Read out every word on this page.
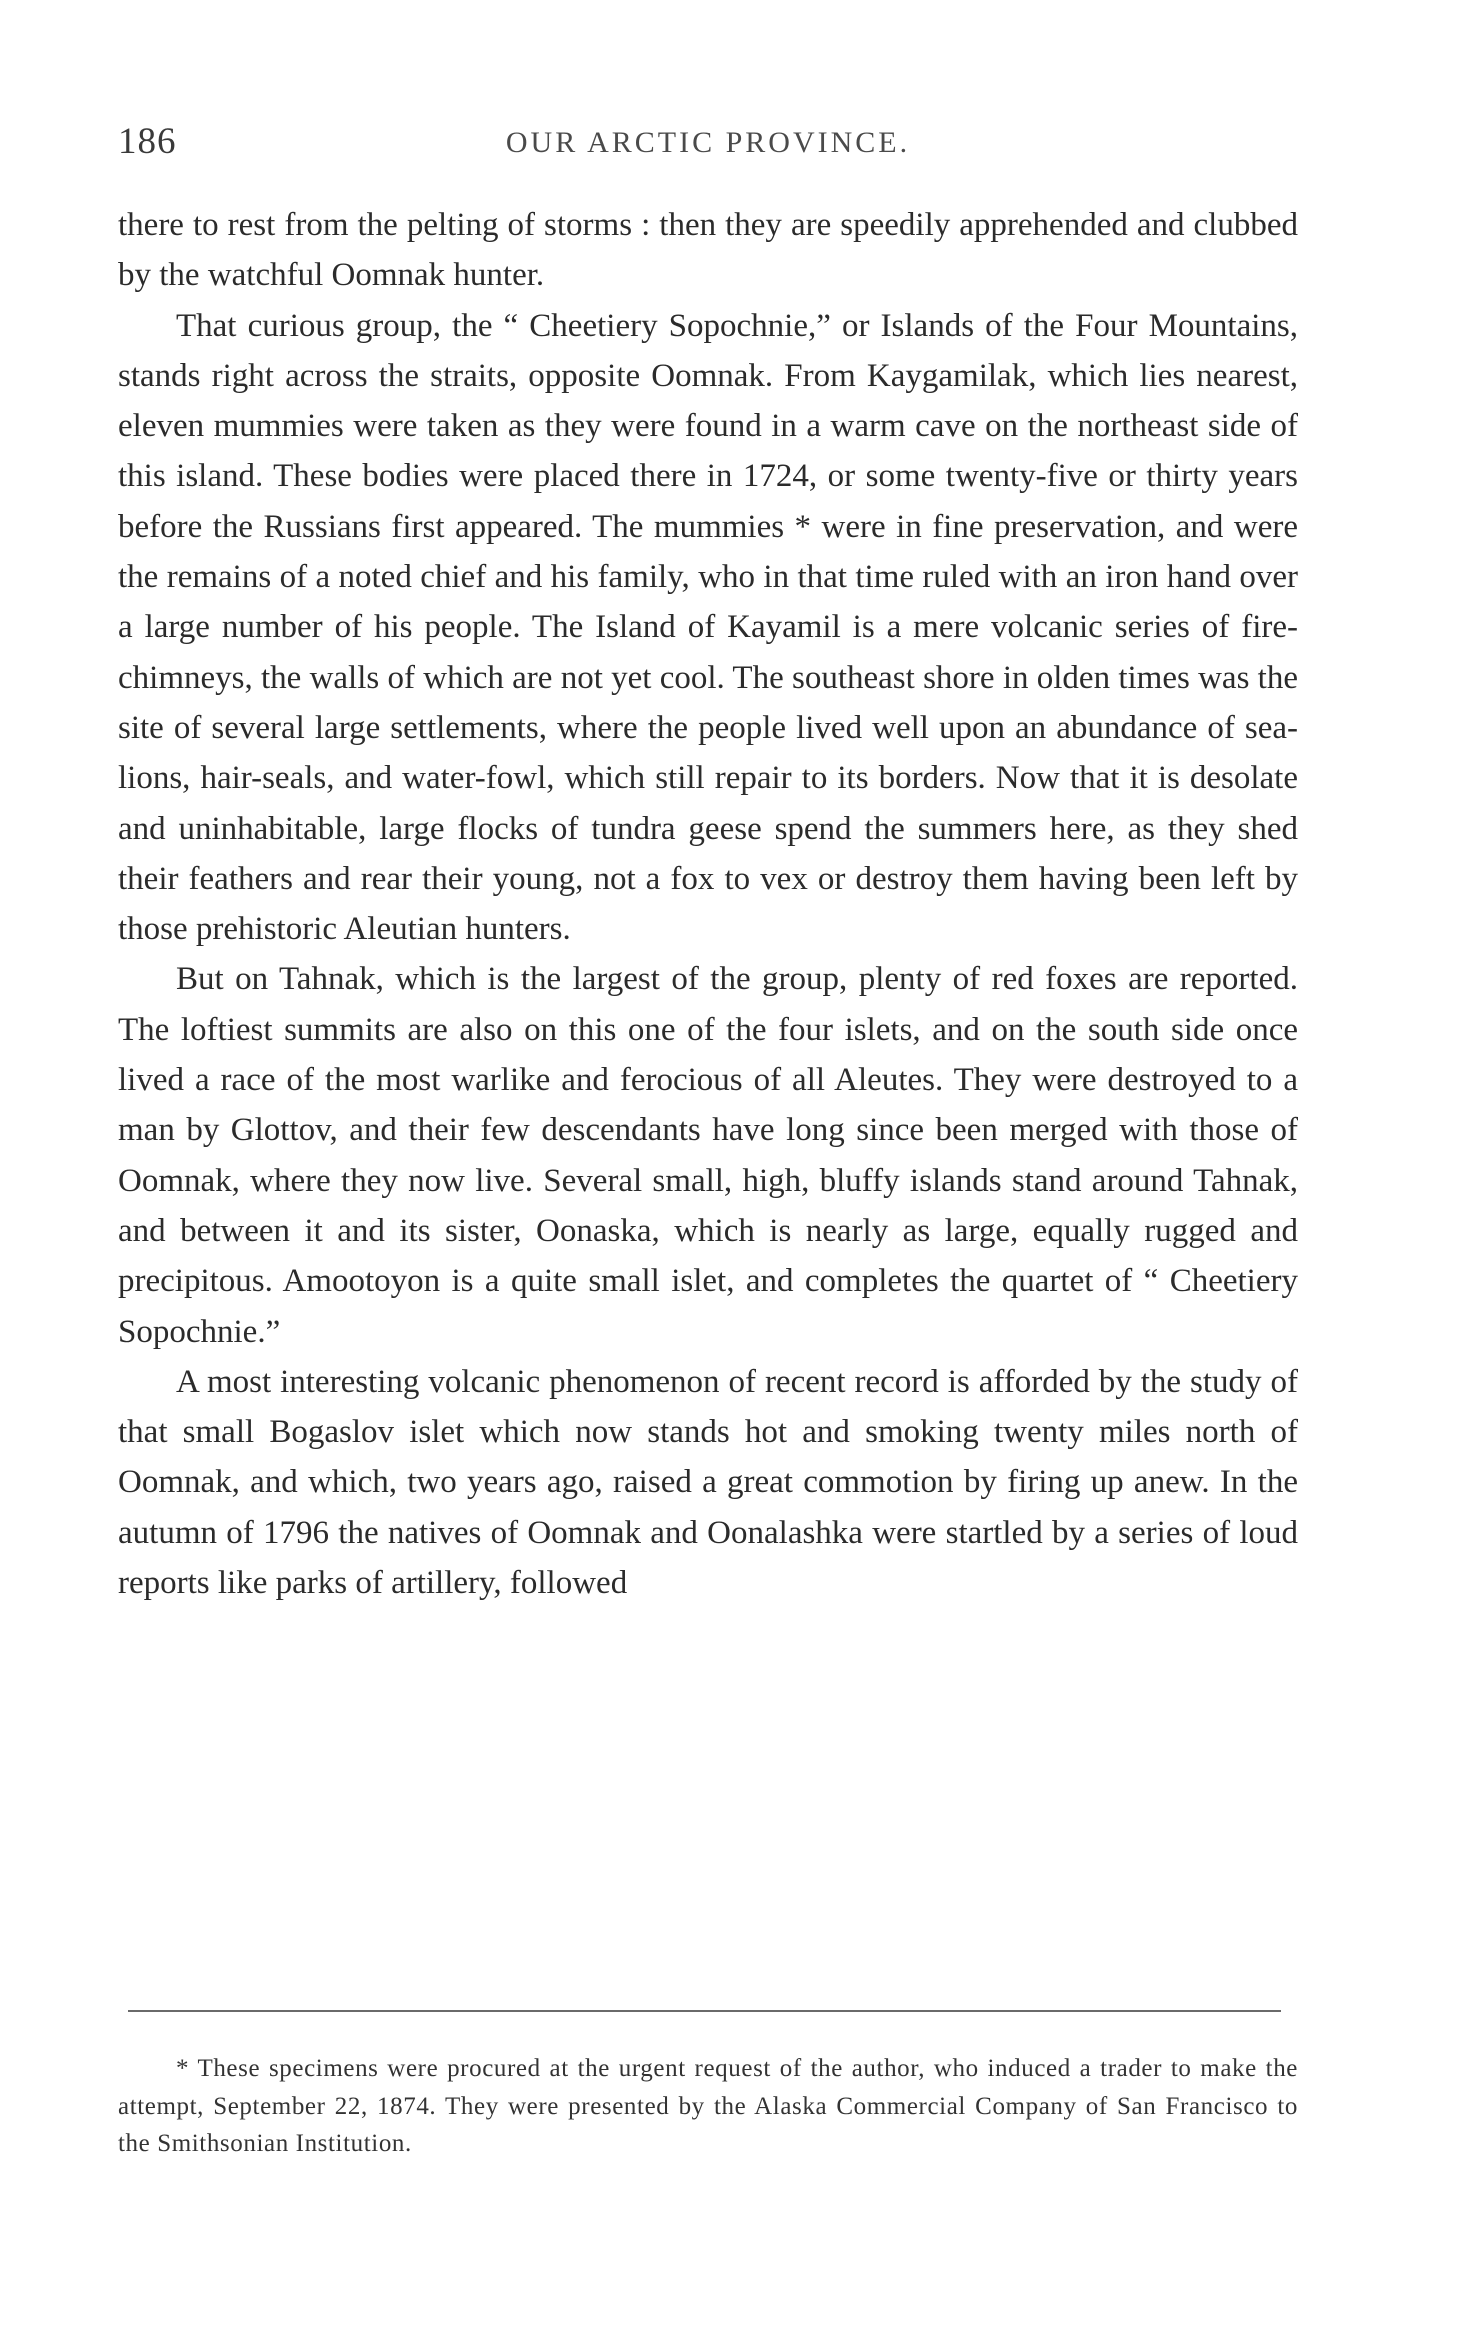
186	OUR ARCTIC PROVINCE.

there to rest from the pelting of storms : then they are speedily apprehended and clubbed by the watchful Oomnak hunter.

That curious group, the “ Cheetiery Sopochnie,” or Islands of the Four Mountains, stands right across the straits, opposite Oomnak. From Kaygamilak, which lies nearest, eleven mummies were taken as they were found in a warm cave on the northeast side of this island. These bodies were placed there in 1724, or some twenty-five or thirty years before the Russians first appeared. The mummies * were in fine preservation, and were the remains of a noted chief and his family, who in that time ruled with an iron hand over a large number of his people. The Island of Kayamil is a mere volcanic series of fire-chimneys, the walls of which are not yet cool. The southeast shore in olden times was the site of several large settlements, where the people lived well upon an abundance of sea-lions, hair-seals, and water-fowl, which still repair to its borders. Now that it is desolate and uninhabitable, large flocks of tundra geese spend the summers here, as they shed their feathers and rear their young, not a fox to vex or destroy them having been left by those prehistoric Aleutian hunters.

But on Tahnak, which is the largest of the group, plenty of red foxes are reported. The loftiest summits are also on this one of the four islets, and on the south side once lived a race of the most warlike and ferocious of all Aleutes. They were destroyed to a man by Glottov, and their few descendants have long since been merged with those of Oomnak, where they now live. Several small, high, bluffy islands stand around Tahnak, and between it and its sister, Oonaska, which is nearly as large, equally rugged and precipitous. Amootoyon is a quite small islet, and completes the quartet of “ Cheetiery Sopochnie.”

A most interesting volcanic phenomenon of recent record is afforded by the study of that small Bogaslov islet which now stands hot and smoking twenty miles north of Oomnak, and which, two years ago, raised a great commotion by firing up anew. In the autumn of 1796 the natives of Oomnak and Oonalashka were startled by a series of loud reports like parks of artillery, followed

* These specimens were procured at the urgent request of the author, who induced a trader to make the attempt, September 22, 1874. They were presented by the Alaska Commercial Company of San Francisco to the Smithsonian Institution.
